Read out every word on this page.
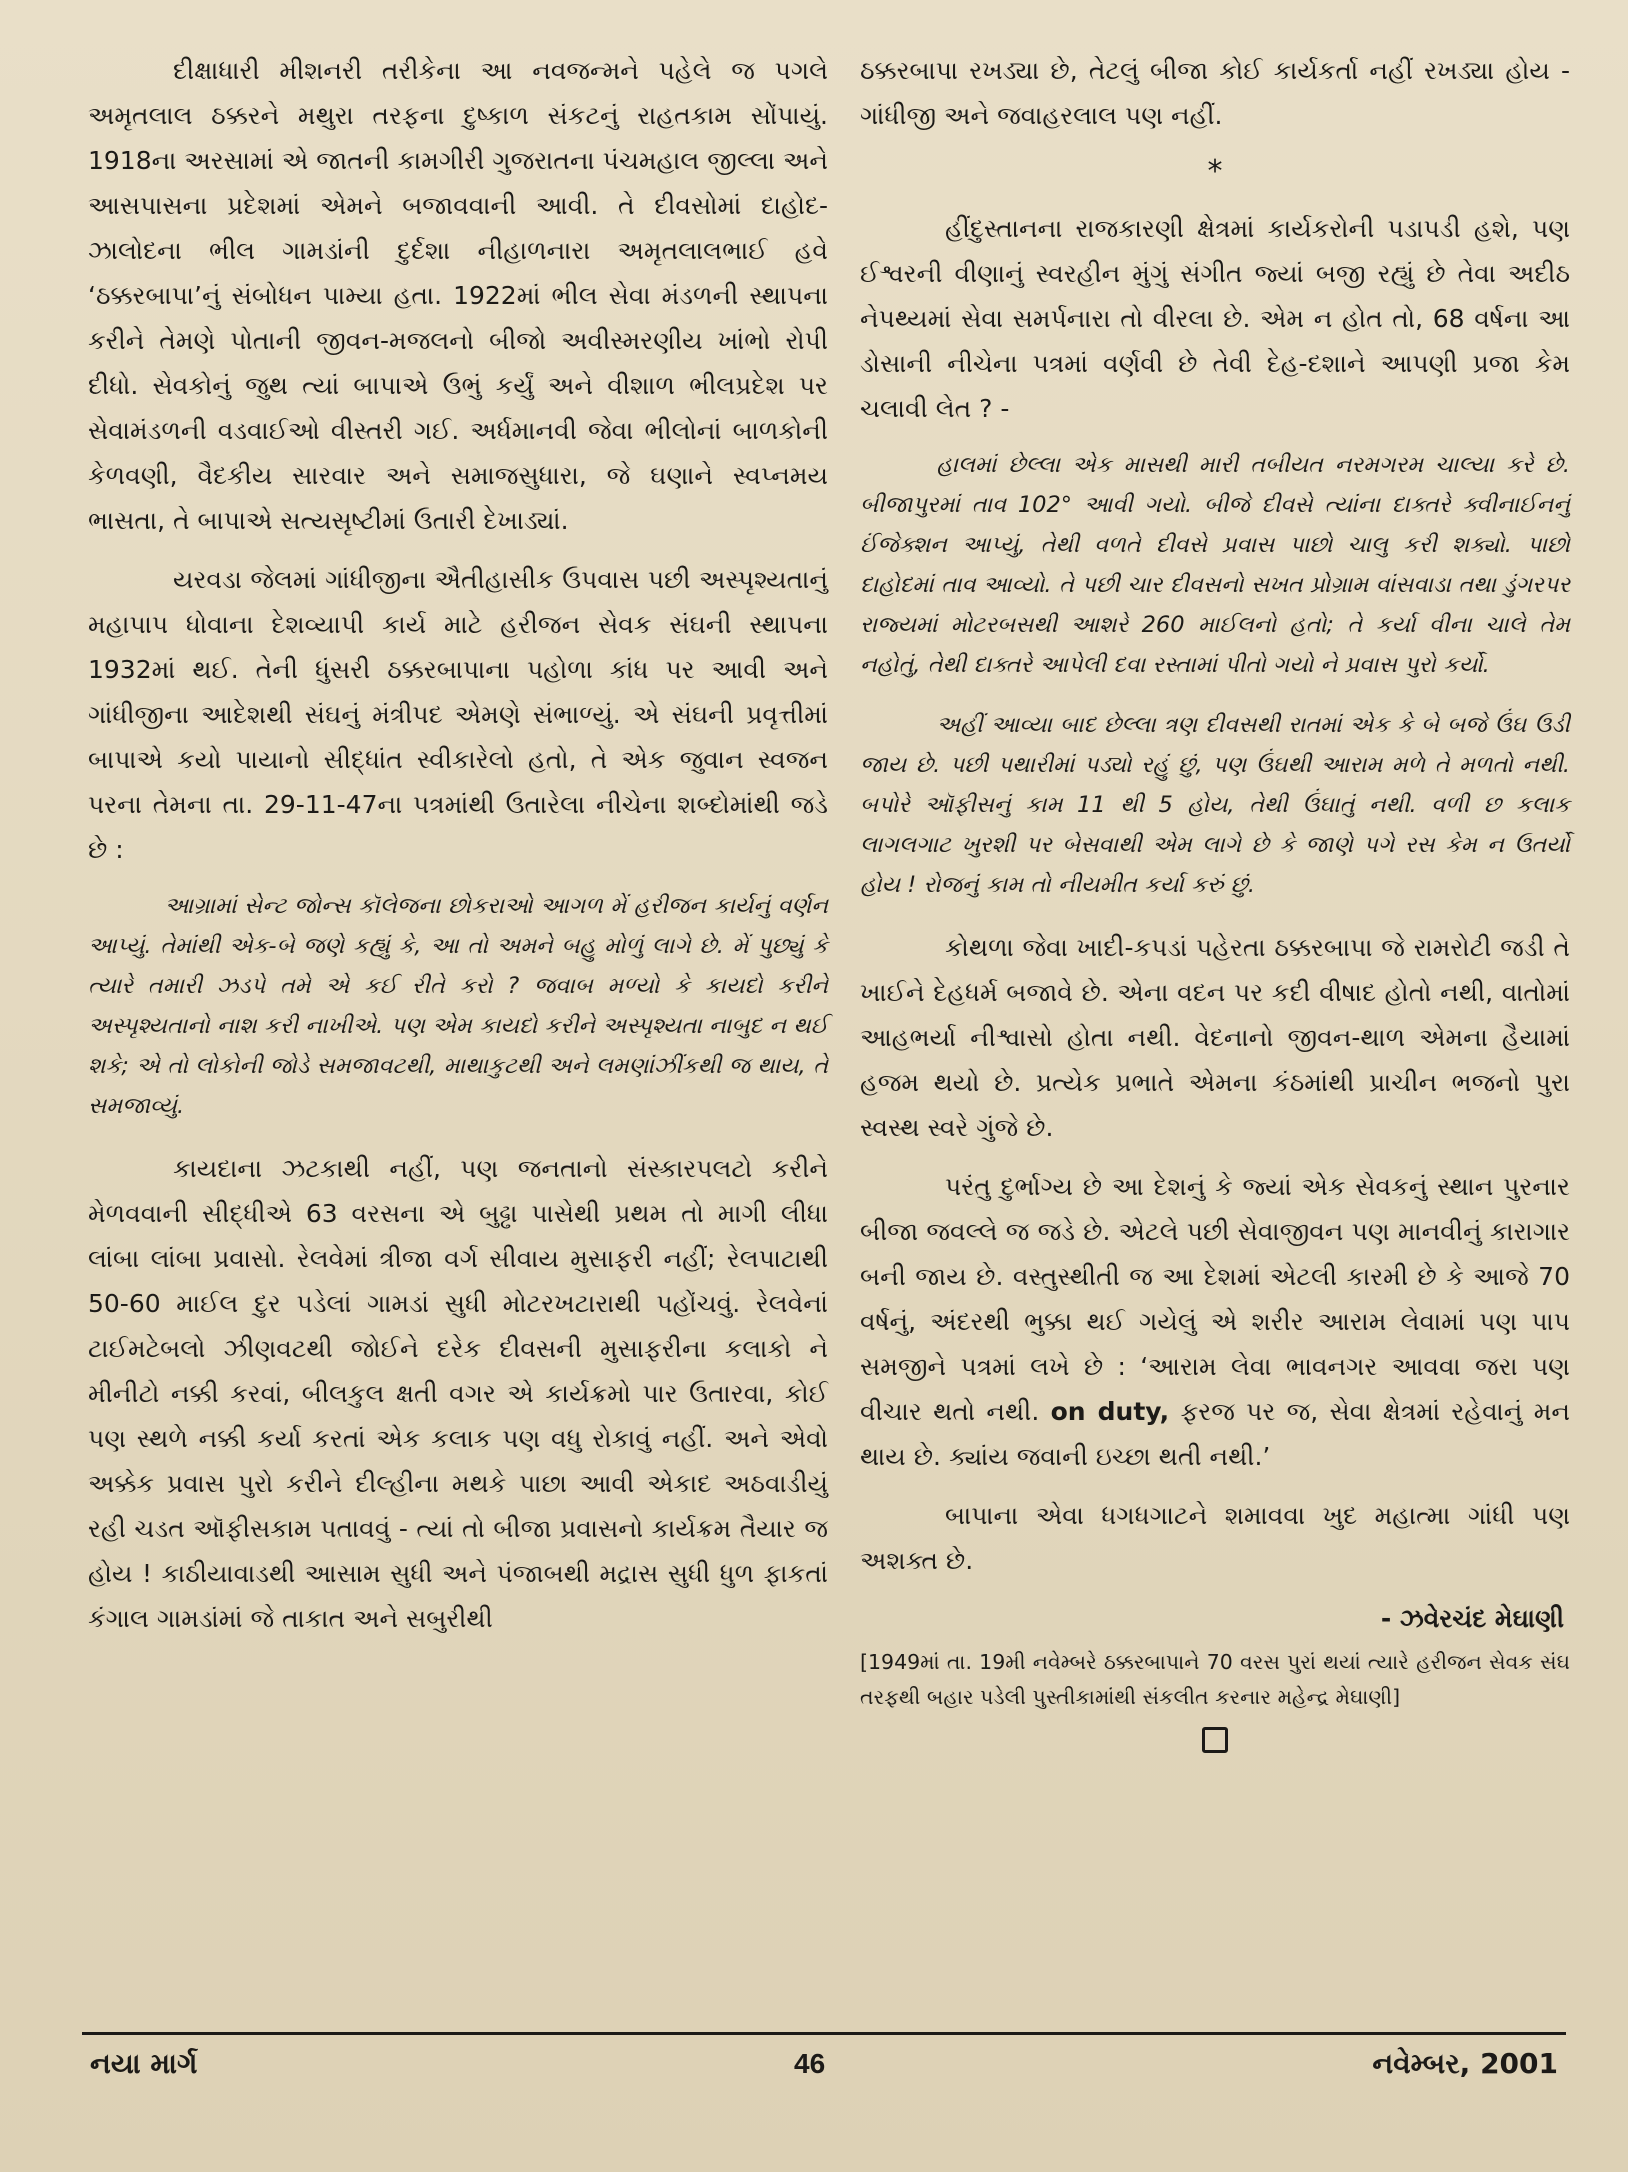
દીક્ષાધારી મીશનરી તરીકેના આ નવજન્મને પહેલે જ પગલે અમૃતલાલ ઠક્કરને મથુરા તરફના દુષ્કાળ સંકટનું રાહતકામ સોંપાયું. 1918ના અરસામાં એ જાતની કામગીરી ગુજરાતના પંચમહાલ જીલ્લા અને આસપાસના પ્રદેશમાં એમને બજાવવાની આવી. તે દીવસોમાં દાહોદ-ઝાલોદના ભીલ ગામડાંની દુર્દશા નીહાળનારા અમૃતલાલભાઈ હવે ‘ઠક્કરબાપા’નું સંબોધન પામ્યા હતા. 1922માં ભીલ સેવા મંડળની સ્થાપના કરીને તેમણે પોતાની જીવન-મજલનો બીજો અવીસ્મરણીય ખાંભો રોપી દીધો. સેવકોનું જુથ ત્યાં બાપાએ ઉભું કર્યું અને વીશાળ ભીલપ્રદેશ પર સેવામંડળની વડવાઈઓ વીસ્તરી ગઈ. અર્ધમાનવી જેવા ભીલોનાં બાળકોની કેળવણી, વૈદકીય સારવાર અને સમાજસુધારા, જે ઘણાને સ્વપ્નમય ભાસતા, તે બાપાએ સત્યસૃષ્ટીમાં ઉતારી દેખાડ્યાં.

યરવડા જેલમાં ગાંધીજીના ઐતીહાસીક ઉપવાસ પછી અસ્પૃશ્યતાનું મહાપાપ ધોવાના દેશવ્યાપી કાર્ય માટે હરીજન સેવક સંઘની સ્થાપના 1932માં થઈ. તેની ધુંસરી ઠક્કરબાપાના પહોળા કાંધ પર આવી અને ગાંધીજીના આદેશથી સંઘનું મંત્રીપદ એમણે સંભાળ્યું. એ સંઘની પ્રવૃત્તીમાં બાપાએ કયો પાયાનો સીદ્ધાંત સ્વીકારેલો હતો, તે એક જુવાન સ્વજન પરના તેમના તા. 29-11-47ના પત્રમાંથી ઉતારેલા નીચેના શબ્દોમાંથી જડે છે :

આગ્રામાં સેન્ટ જોન્સ કૉલેજના છોકરાઓ આગળ મેં હરીજન કાર્યનું વર્ણન આપ્યું. તેમાંથી એક-બે જણે કહ્યું કે, આ તો અમને બહુ મોળું લાગે છે. મેં પુછ્યું કે ત્યારે તમારી ઝડપે તમે એ કઈ રીતે કરો ? જવાબ મળ્યો કે કાયદો કરીને અસ્પૃશ્યતાનો નાશ કરી નાખીએ. પણ એમ કાયદો કરીને અસ્પૃશ્યતા નાબુદ ન થઈ શકે; એ તો લોકોની જોડે સમજાવટથી, માથાકુટથી અને લમણાંઝીંકથી જ થાય, તે સમજાવ્યું.

કાયદાના ઝટકાથી નહીં, પણ જનતાનો સંસ્કારપલટો કરીને મેળવવાની સીદ્ધીએ 63 વરસના એ બુઢ્ઢા પાસેથી પ્રથમ તો માગી લીધા લાંબા લાંબા પ્રવાસો. રેલવેમાં ત્રીજા વર્ગ સીવાય મુસાફરી નહીં; રેલપાટાથી 50-60 માઈલ દુર પડેલાં ગામડાં સુધી મોટરખટારાથી પહોંચવું. રેલવેનાં ટાઈમટેબલો ઝીણવટથી જોઈને દરેક દીવસની મુસાફરીના કલાકો ને મીનીટો નક્કી કરવાં, બીલકુલ ક્ષતી વગર એ કાર્યક્રમો પાર ઉતારવા, કોઈ પણ સ્થળે નક્કી કર્યા કરતાં એક કલાક પણ વધુ રોકાવું નહીં. અને એવો અક્કેક પ્રવાસ પુરો કરીને દીલ્હીના મથકે પાછા આવી એકાદ અઠવાડીયું રહી ચડત ઑફીસકામ પતાવવું - ત્યાં તો બીજા પ્રવાસનો કાર્યક્રમ તૈયાર જ હોય ! કાઠીયાવાડથી આસામ સુધી અને પંજાબથી મદ્રાસ સુધી ધુળ ફાકતાં કંગાલ ગામડાંમાં જે તાકાત અને સબુરીથી

ઠક્કરબાપા રખડ્યા છે, તેટલું બીજા કોઈ કાર્યકર્તા નહીં રખડ્યા હોય - ગાંધીજી અને જવાહરલાલ પણ નહીં.

*

હીંદુસ્તાનના રાજકારણી ક્ષેત્રમાં કાર્યકરોની પડાપડી હશે, પણ ઈશ્વરની વીણાનું સ્વરહીન મુંગું સંગીત જ્યાં બજી રહ્યું છે તેવા અદીઠ નેપથ્યમાં સેવા સમર્પનારા તો વીરલા છે. એમ ન હોત તો, 68 વર્ષના આ ડોસાની નીચેના પત્રમાં વર્ણવી છે તેવી દેહ-દશાને આપણી પ્રજા કેમ ચલાવી લેત ? -

હાલમાં છેલ્લા એક માસથી મારી તબીયત નરમગરમ ચાલ્યા કરે છે. બીજાપુરમાં તાવ 102° આવી ગયો. બીજે દીવસે ત્યાંના દાક્તરે ક્વીનાઈનનું ઈંજેક્શન આપ્યું, તેથી વળતે દીવસે પ્રવાસ પાછો ચાલુ કરી શક્યો. પાછો દાહોદમાં તાવ આવ્યો. તે પછી ચાર દીવસનો સખત પ્રોગ્રામ વાંસવાડા તથા ડુંગરપર રાજ્યમાં મોટરબસથી આશરે 260 માઈલનો હતો; તે કર્યા વીના ચાલે તેમ નહોતું, તેથી દાક્તરે આપેલી દવા રસ્તામાં પીતો ગયો ને પ્રવાસ પુરો કર્યો.

અહીં આવ્યા બાદ છેલ્લા ત્રણ દીવસથી રાતમાં એક કે બે બજે ઉંઘ ઉડી જાય છે. પછી પથારીમાં પડ્યો રહું છું, પણ ઉંઘથી આરામ મળે તે મળતો નથી. બપોરે ઑફીસનું કામ 11 થી 5 હોય, તેથી ઉંઘાતું નથી. વળી છ કલાક લાગલગાટ ખુરશી પર બેસવાથી એમ લાગે છે કે જાણે પગે રસ કેમ ન ઉતર્યો હોય ! રોજનું કામ તો નીયમીત કર્યા કરું છું.

કોથળા જેવા ખાદી-કપડાં પહેરતા ઠક્કરબાપા જે રામરોટી જડી તે ખાઈને દેહધર્મ બજાવે છે. એના વદન પર કદી વીષાદ હોતો નથી, વાતોમાં આહભર્યા નીશ્વાસો હોતા નથી. વેદનાનો જીવન-થાળ એમના હૈયામાં હજમ થયો છે. પ્રત્યેક પ્રભાતે એમના કંઠમાંથી પ્રાચીન ભજનો પુરા સ્વસ્થ સ્વરે ગુંજે છે.

પરંતુ દુર્ભાગ્ય છે આ દેશનું કે જ્યાં એક સેવકનું સ્થાન પુરનાર બીજા જવલ્લે જ જડે છે. એટલે પછી સેવાજીવન પણ માનવીનું કારાગાર બની જાય છે. વસ્તુસ્થીતી જ આ દેશમાં એટલી કારમી છે કે આજે 70 વર્ષનું, અંદરથી ભુક્કા થઈ ગયેલું એ શરીર આરામ લેવામાં પણ પાપ સમજીને પત્રમાં લખે છે : ‘આરામ લેવા ભાવનગર આવવા જરા પણ વીચાર થતો નથી. on duty, ફરજ પર જ, સેવા ક્ષેત્રમાં રહેવાનું મન થાય છે. ક્યાંય જવાની ઇચ્છા થતી નથી.’

બાપાના એવા ધગધગાટને શમાવવા ખુદ મહાત્મા ગાંધી પણ અશક્ત છે.

- ઝવેરચંદ મેઘાણી

[1949માં તા. 19મી નવેમ્બરે ઠક્કરબાપાને 70 વરસ પુરાં થયાં ત્યારે હરીજન સેવક સંઘ તરફથી બહાર પડેલી પુસ્તીકામાંથી સંકલીત કરનાર મહેન્દ્ર મેઘાણી]

નયા માર્ગ	46	નવેમ્બર, 2001
